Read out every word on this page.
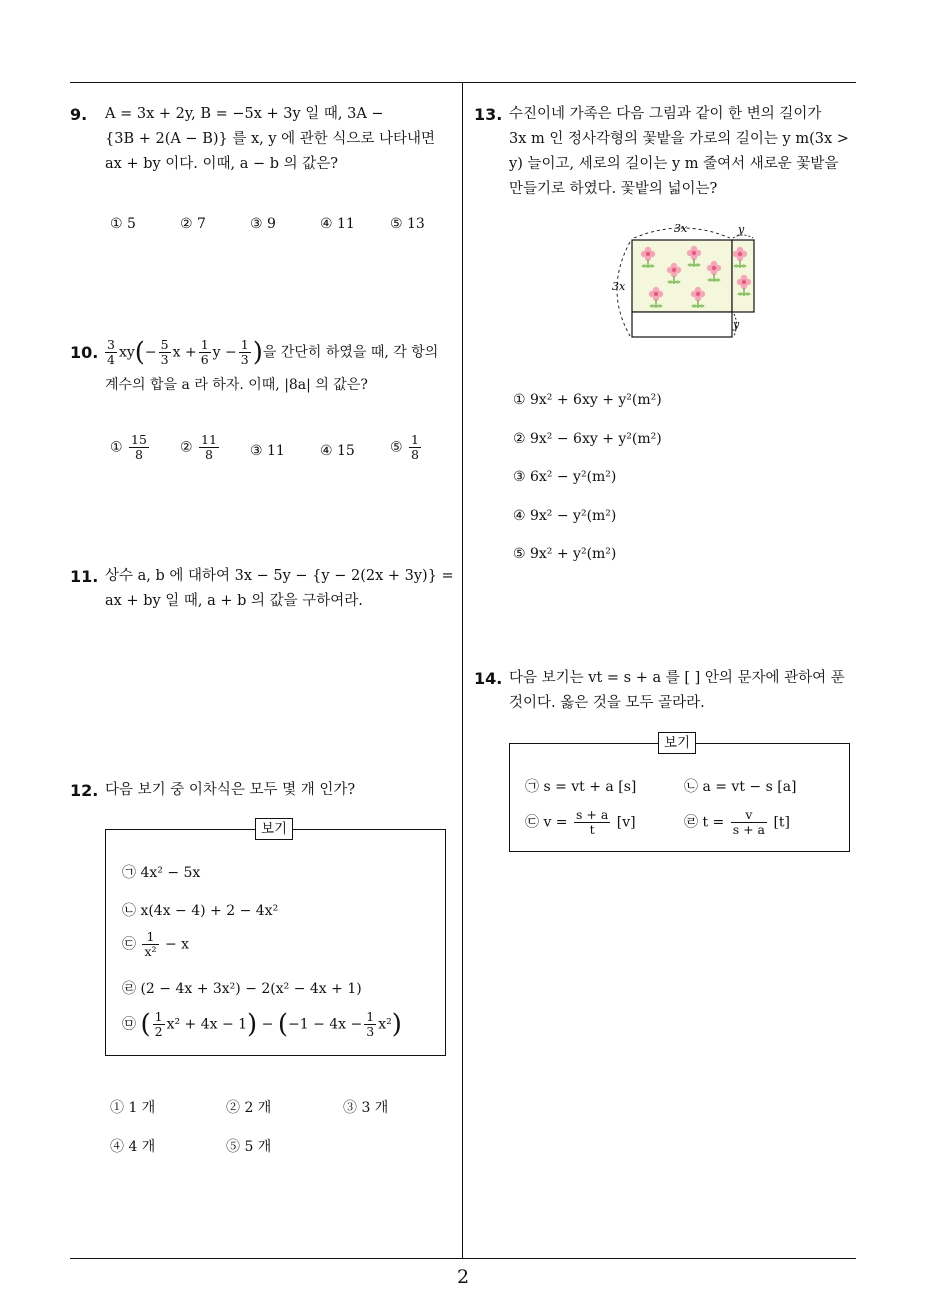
9. A = 3x + 2y, B = −5x + 3y 일 때, 3A −
{3B + 2(A − B)} 를 x, y 에 관한 식으로 나타내면
ax + by 이다. 이때, a − b 의 값은?
① 5	② 7	③ 9	④ 11	⑤ 13
10. $\frac{3}{4} xy(- \frac{5}{3}$ $x + \frac{1}{6}$ $y - \frac{1}{3}$ )을 간단히 하였을 때, 각 항의
계수의 합을 a 라 하자. 이때, |8a| 의 값은?
① $\frac{15}{8}$ ② $\frac{11}{8}$ ③ 11	④ 15	⑤ $\frac{1}{8}$
11. 상수 a, b 에 대하여 3x − 5y − {y − 2(2x + 3y)} =
ax + by 일 때, a + b 의 값을 구하여라.
12. 다음 보기 중 이차식은 모두 몇 개 인가?
보기
㉠ 4x² − 5x
㉡ x(4x − 4) + 2 − 4x²
㉢ $\frac{1}{\text{x²}} - x$
㉣ (2 − 4x + 3x²) − 2(x² − 4x + 1)
㉤ ( $\frac{1}{2} x^2 + 4x - 1) - (-1 - 4x - \frac{1}{3} x^2)$
① 1 개	② 2 개	③ 3 개
④ 4 개	⑤ 5 개
13. 수진이네 가족은 다음 그림과 같이 한 변의 길이가
3x m 인 정사각형의 꽃밭을 가로의 길이는 y m(3x >
y) 늘이고, 세로의 길이는 y m 줄여서 새로운 꽃밭을
만들기로 하였다. 꽃밭의 넓이는?
3x
3x
y
y
① 9x² + 6xy + y²(m²)
② 9x² − 6xy + y²(m²)
③ 6x² − y²(m²)
④ 9x² − y²(m²)
⑤ 9x² + y²(m²)
14. 다음 보기는 vt = s + a 를 [ ] 안의 문자에 관하여 푼
것이다. 옳은 것을 모두 골라라.
보기
㉠ s = vt + a [s]	㉡ a = vt − s [a]
㉢ $v = \frac{s + a}{t} [v]$	㉣ $t = \frac{v}{s + a} [t]$
2
